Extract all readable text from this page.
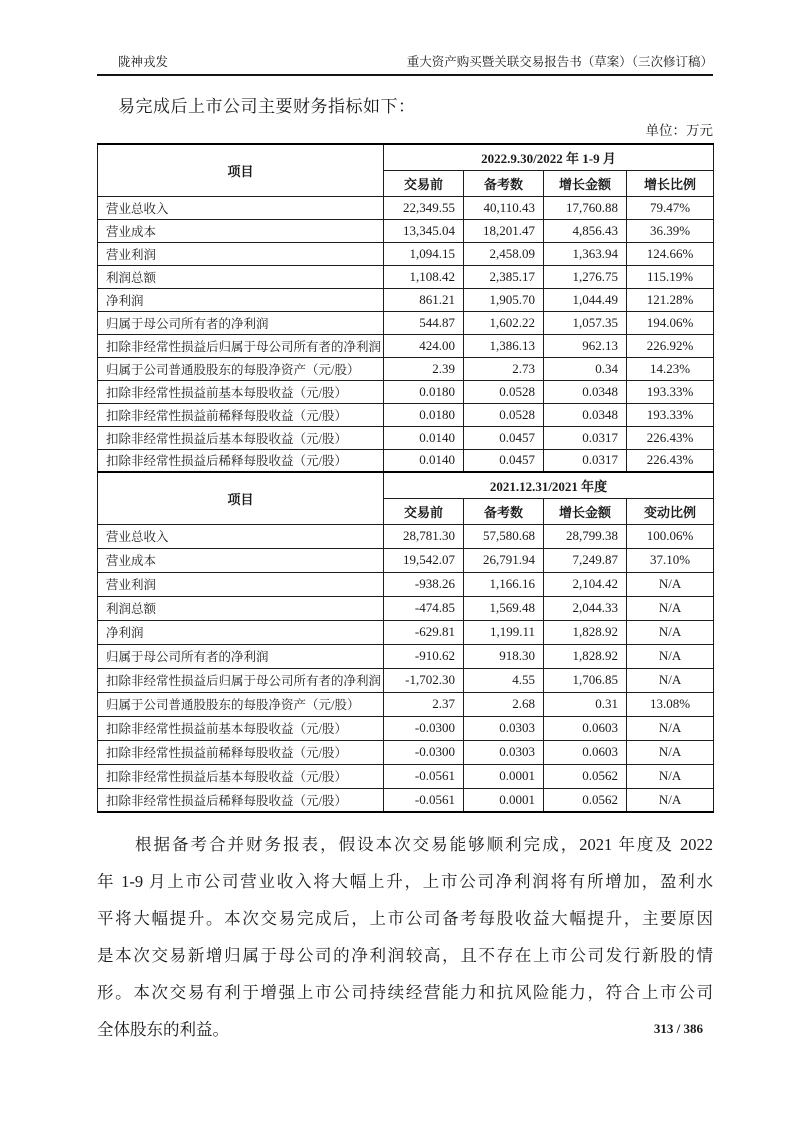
陇神戎发	重大资产购买暨关联交易报告书（草案）（三次修订稿）
易完成后上市公司主要财务指标如下：
单位：万元
项目	2022.9.30/2022 年 1-9 月			
	交易前	备考数	增长金额	增长比例
营业总收入	22,349.55	40,110.43	17,760.88	79.47%
营业成本	13,345.04	18,201.47	4,856.43	36.39%
营业利润	1,094.15	2,458.09	1,363.94	124.66%
利润总额	1,108.42	2,385.17	1,276.75	115.19%
净利润	861.21	1,905.70	1,044.49	121.28%
归属于母公司所有者的净利润	544.87	1,602.22	1,057.35	194.06%
扣除非经常性损益后归属于母公司所有者的净利润	424.00	1,386.13	962.13	226.92%
归属于公司普通股股东的每股净资产（元/股）	2.39	2.73	0.34	14.23%
扣除非经常性损益前基本每股收益（元/股）	0.0180	0.0528	0.0348	193.33%
扣除非经常性损益前稀释每股收益（元/股）	0.0180	0.0528	0.0348	193.33%
扣除非经常性损益后基本每股收益（元/股）	0.0140	0.0457	0.0317	226.43%
扣除非经常性损益后稀释每股收益（元/股）	0.0140	0.0457	0.0317	226.43%
项目	2021.12.31/2021 年度			
	交易前	备考数	增长金额	变动比例
营业总收入	28,781.30	57,580.68	28,799.38	100.06%
营业成本	19,542.07	26,791.94	7,249.87	37.10%
营业利润	-938.26	1,166.16	2,104.42	N/A
利润总额	-474.85	1,569.48	2,044.33	N/A
净利润	-629.81	1,199.11	1,828.92	N/A
归属于母公司所有者的净利润	-910.62	918.30	1,828.92	N/A
扣除非经常性损益后归属于母公司所有者的净利润	-1,702.30	4.55	1,706.85	N/A
归属于公司普通股股东的每股净资产（元/股）	2.37	2.68	0.31	13.08%
扣除非经常性损益前基本每股收益（元/股）	-0.0300	0.0303	0.0603	N/A
扣除非经常性损益前稀释每股收益（元/股）	-0.0300	0.0303	0.0603	N/A
扣除非经常性损益后基本每股收益（元/股）	-0.0561	0.0001	0.0562	N/A
扣除非经常性损益后稀释每股收益（元/股）	-0.0561	0.0001	0.0562	N/A
根据备考合并财务报表，假设本次交易能够顺利完成，2021 年度及 2022
年 1-9 月上市公司营业收入将大幅上升，上市公司净利润将有所增加，盈利水
平将大幅提升。本次交易完成后，上市公司备考每股收益大幅提升，主要原因
是本次交易新增归属于母公司的净利润较高，且不存在上市公司发行新股的情
形。本次交易有利于增强上市公司持续经营能力和抗风险能力，符合上市公司
全体股东的利益。	313 / 386
